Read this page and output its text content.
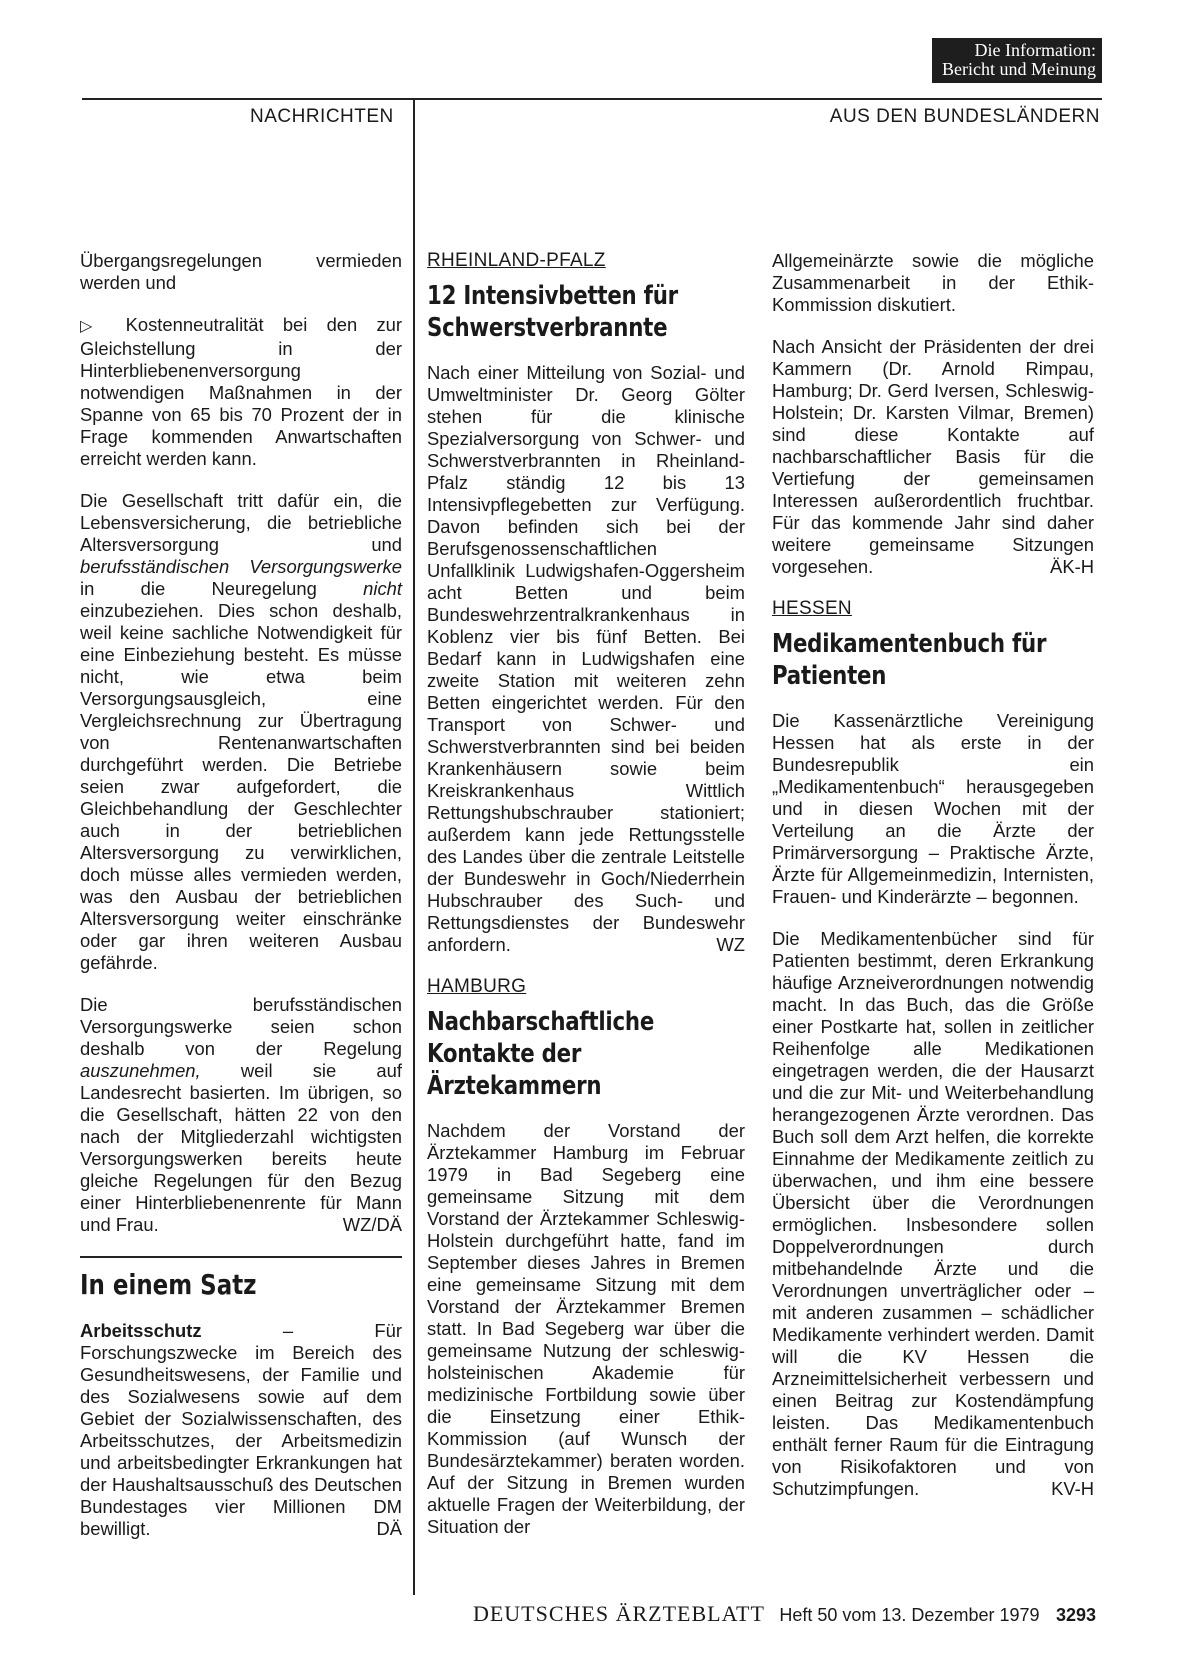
Die Information:
Bericht und Meinung
NACHRICHTEN	AUS DEN BUNDESLÄNDERN

Übergangsregelungen vermieden werden und

▷ Kostenneutralität bei den zur Gleichstellung in der Hinterbliebenenversorgung notwendigen Maßnahmen in der Spanne von 65 bis 70 Prozent der in Frage kommenden Anwartschaften erreicht werden kann.

Die Gesellschaft tritt dafür ein, die Lebensversicherung, die betriebliche Altersversorgung und berufsständischen Versorgungswerke in die Neuregelung nicht einzubeziehen. Dies schon deshalb, weil keine sachliche Notwendigkeit für eine Einbeziehung besteht. Es müsse nicht, wie etwa beim Versorgungsausgleich, eine Vergleichsrechnung zur Übertragung von Rentenanwartschaften durchgeführt werden. Die Betriebe seien zwar aufgefordert, die Gleichbehandlung der Geschlechter auch in der betrieblichen Altersversorgung zu verwirklichen, doch müsse alles vermieden werden, was den Ausbau der betrieblichen Altersversorgung weiter einschränke oder gar ihren weiteren Ausbau gefährde.

Die berufsständischen Versorgungswerke seien schon deshalb von der Regelung auszunehmen, weil sie auf Landesrecht basierten. Im übrigen, so die Gesellschaft, hätten 22 von den nach der Mitgliederzahl wichtigsten Versorgungswerken bereits heute gleiche Regelungen für den Bezug einer Hinterbliebenenrente für Mann und Frau.	WZ/DÄ

In einem Satz

Arbeitsschutz – Für Forschungszwecke im Bereich des Gesundheitswesens, der Familie und des Sozialwesens sowie auf dem Gebiet der Sozialwissenschaften, des Arbeitsschutzes, der Arbeitsmedizin und arbeitsbedingter Erkrankungen hat der Haushaltsausschuß des Deutschen Bundestages vier Millionen DM bewilligt.	DÄ

RHEINLAND-PFALZ
12 Intensivbetten für Schwerstverbrannte

Nach einer Mitteilung von Sozial- und Umweltminister Dr. Georg Gölter stehen für die klinische Spezialversorgung von Schwer- und Schwerstverbrannten in Rheinland-Pfalz ständig 12 bis 13 Intensivpflegebetten zur Verfügung. Davon befinden sich bei der Berufsgenossenschaftlichen Unfallklinik Ludwigshafen-Oggersheim acht Betten und beim Bundeswehrzentralkrankenhaus in Koblenz vier bis fünf Betten. Bei Bedarf kann in Ludwigshafen eine zweite Station mit weiteren zehn Betten eingerichtet werden. Für den Transport von Schwer- und Schwerstverbrannten sind bei beiden Krankenhäusern sowie beim Kreiskrankenhaus Wittlich Rettungshubschrauber stationiert; außerdem kann jede Rettungsstelle des Landes über die zentrale Leitstelle der Bundeswehr in Goch/Niederrhein Hubschrauber des Such- und Rettungsdienstes der Bundeswehr anfordern.	WZ

HAMBURG
Nachbarschaftliche Kontakte der Ärztekammern

Nachdem der Vorstand der Ärztekammer Hamburg im Februar 1979 in Bad Segeberg eine gemeinsame Sitzung mit dem Vorstand der Ärztekammer Schleswig-Holstein durchgeführt hatte, fand im September dieses Jahres in Bremen eine gemeinsame Sitzung mit dem Vorstand der Ärztekammer Bremen statt. In Bad Segeberg war über die gemeinsame Nutzung der schleswig-holsteinischen Akademie für medizinische Fortbildung sowie über die Einsetzung einer Ethik-Kommission (auf Wunsch der Bundesärztekammer) beraten worden. Auf der Sitzung in Bremen wurden aktuelle Fragen der Weiterbildung, der Situation der

Allgemeinärzte sowie die mögliche Zusammenarbeit in der Ethik-Kommission diskutiert.

Nach Ansicht der Präsidenten der drei Kammern (Dr. Arnold Rimpau, Hamburg; Dr. Gerd Iversen, Schleswig-Holstein; Dr. Karsten Vilmar, Bremen) sind diese Kontakte auf nachbarschaftlicher Basis für die Vertiefung der gemeinsamen Interessen außerordentlich fruchtbar. Für das kommende Jahr sind daher weitere gemeinsame Sitzungen vorgesehen.	ÄK-H

HESSEN
Medikamentenbuch für Patienten

Die Kassenärztliche Vereinigung Hessen hat als erste in der Bundesrepublik ein „Medikamentenbuch“ herausgegeben und in diesen Wochen mit der Verteilung an die Ärzte der Primärversorgung – Praktische Ärzte, Ärzte für Allgemeinmedizin, Internisten, Frauen- und Kinderärzte – begonnen.

Die Medikamentenbücher sind für Patienten bestimmt, deren Erkrankung häufige Arzneiverordnungen notwendig macht. In das Buch, das die Größe einer Postkarte hat, sollen in zeitlicher Reihenfolge alle Medikationen eingetragen werden, die der Hausarzt und die zur Mit- und Weiterbehandlung herangezogenen Ärzte verordnen. Das Buch soll dem Arzt helfen, die korrekte Einnahme der Medikamente zeitlich zu überwachen, und ihm eine bessere Übersicht über die Verordnungen ermöglichen. Insbesondere sollen Doppelverordnungen durch mitbehandelnde Ärzte und die Verordnungen unverträglicher oder – mit anderen zusammen – schädlicher Medikamente verhindert werden. Damit will die KV Hessen die Arzneimittelsicherheit verbessern und einen Beitrag zur Kostendämpfung leisten. Das Medikamentenbuch enthält ferner Raum für die Eintragung von Risikofaktoren und von Schutzimpfungen.	KV-H

DEUTSCHES ÄRZTEBLATT Heft 50 vom 13. Dezember 1979 3293
